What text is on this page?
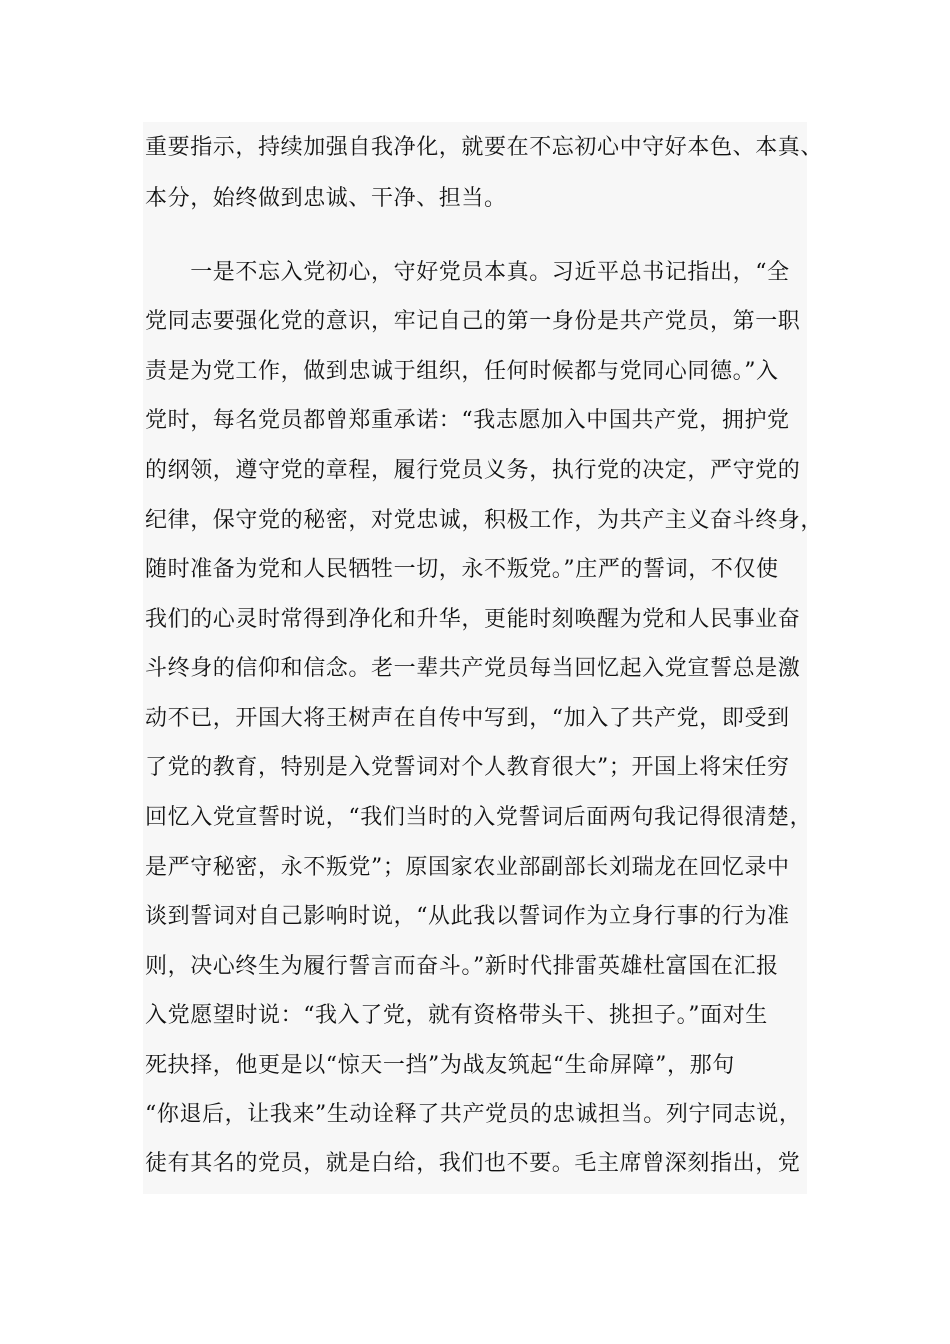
重要指示，持续加强自我净化，就要在不忘初心中守好本色、本真、
本分，始终做到忠诚、干净、担当。
　　一是不忘入党初心，守好党员本真。习近平总书记指出，“全
党同志要强化党的意识，牢记自己的第一身份是共产党员，第一职
责是为党工作，做到忠诚于组织，任何时候都与党同心同德。”入
党时，每名党员都曾郑重承诺：“我志愿加入中国共产党，拥护党
的纲领，遵守党的章程，履行党员义务，执行党的决定，严守党的
纪律，保守党的秘密，对党忠诚，积极工作，为共产主义奋斗终身，
随时准备为党和人民牺牲一切，永不叛党。”庄严的誓词，不仅使
我们的心灵时常得到净化和升华，更能时刻唤醒为党和人民事业奋
斗终身的信仰和信念。老一辈共产党员每当回忆起入党宣誓总是激
动不已，开国大将王树声在自传中写到，“加入了共产党，即受到
了党的教育，特别是入党誓词对个人教育很大”；开国上将宋任穷
回忆入党宣誓时说，“我们当时的入党誓词后面两句我记得很清楚，
是严守秘密，永不叛党”；原国家农业部副部长刘瑞龙在回忆录中
谈到誓词对自己影响时说，“从此我以誓词作为立身行事的行为准
则，决心终生为履行誓言而奋斗。”新时代排雷英雄杜富国在汇报
入党愿望时说：“我入了党，就有资格带头干、挑担子。”面对生
死抉择，他更是以“惊天一挡”为战友筑起“生命屏障”，那句
“你退后，让我来”生动诠释了共产党员的忠诚担当。列宁同志说，
徒有其名的党员，就是白给，我们也不要。毛主席曾深刻指出，党
